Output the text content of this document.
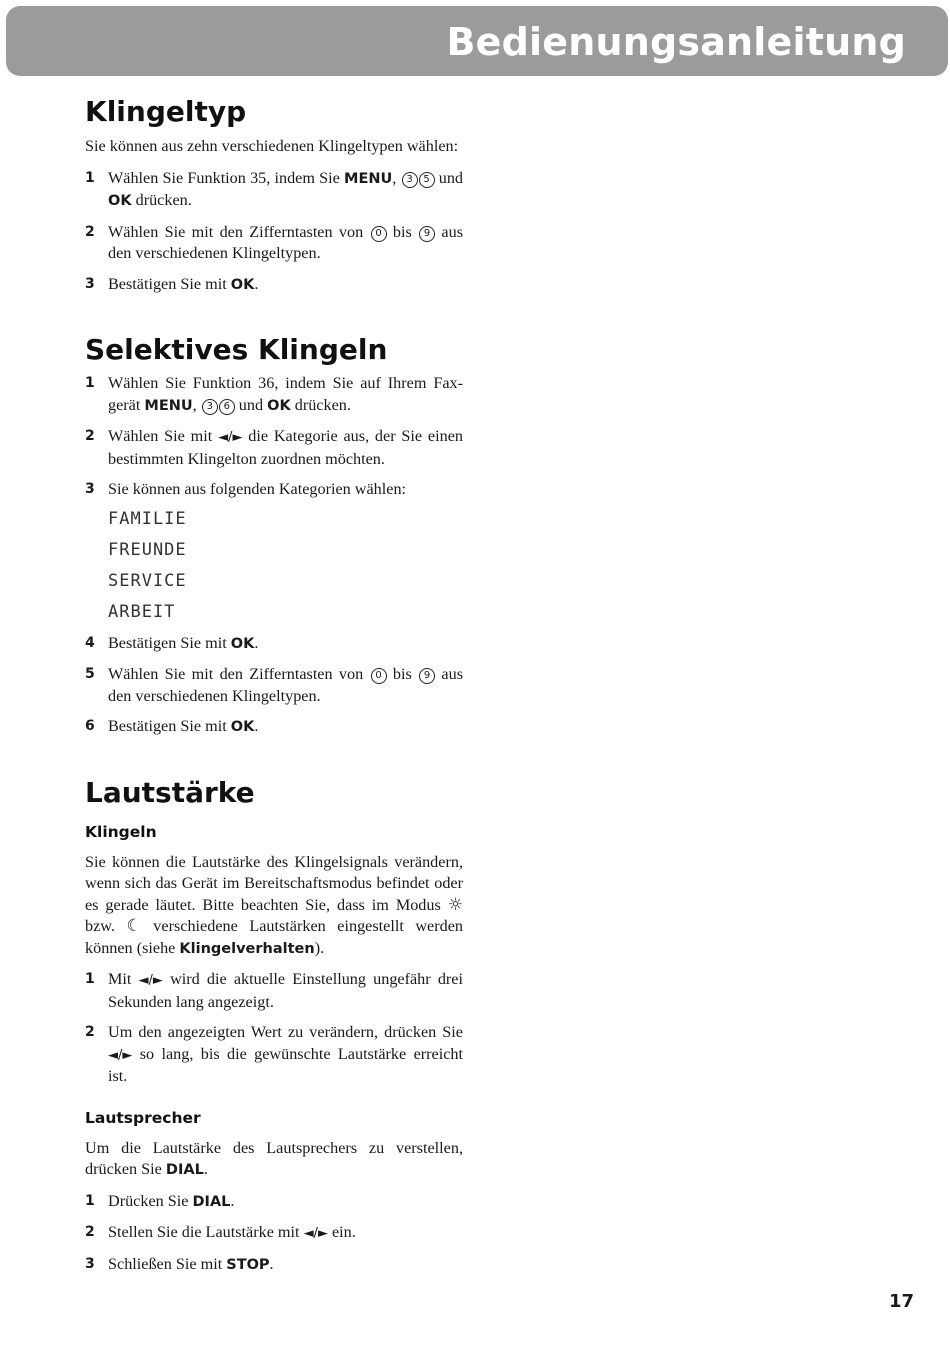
Bedienungsanleitung
Klingeltyp

Sie können aus zehn verschiedenen Klingeltypen wählen:

1 Wählen Sie Funktion 35, indem Sie MENU, 3 5 und OK drücken.
2 Wählen Sie mit den Zifferntasten von 0 bis 9 aus den verschiedenen Klingeltypen.
3 Bestätigen Sie mit OK.
Selektives Klingeln
1 Wählen Sie Funktion 36, indem Sie auf Ihrem Faxgerät MENU, 3 6 und OK drücken.
2 Wählen Sie mit ◄/► die Kategorie aus, der Sie einen bestimmten Klingelton zuordnen möchten.
3 Sie können aus folgenden Kategorien wählen:
FAMILIE
FREUNDE
SERVICE
ARBEIT
4 Bestätigen Sie mit OK.
5 Wählen Sie mit den Zifferntasten von 0 bis 9 aus den verschiedenen Klingeltypen.
6 Bestätigen Sie mit OK.
Lautstärke
Klingeln

Sie können die Lautstärke des Klingelsignals verändern, wenn sich das Gerät im Bereitschaftsmodus befindet oder es gerade läutet. Bitte beachten Sie, dass im Modus ☼ bzw. ☾ verschiedene Lautstärken eingestellt werden können (siehe Klingelverhalten).

1 Mit ◄/► wird die aktuelle Einstellung ungefähr drei Sekunden lang angezeigt.
2 Um den angezeigten Wert zu verändern, drücken Sie ◄/► so lang, bis die gewünschte Lautstärke erreicht ist.
Lautsprecher

Um die Lautstärke des Lautsprechers zu verstellen, drücken Sie DIAL.

1 Drücken Sie DIAL.
2 Stellen Sie die Lautstärke mit ◄/► ein.
3 Schließen Sie mit STOP.
17
